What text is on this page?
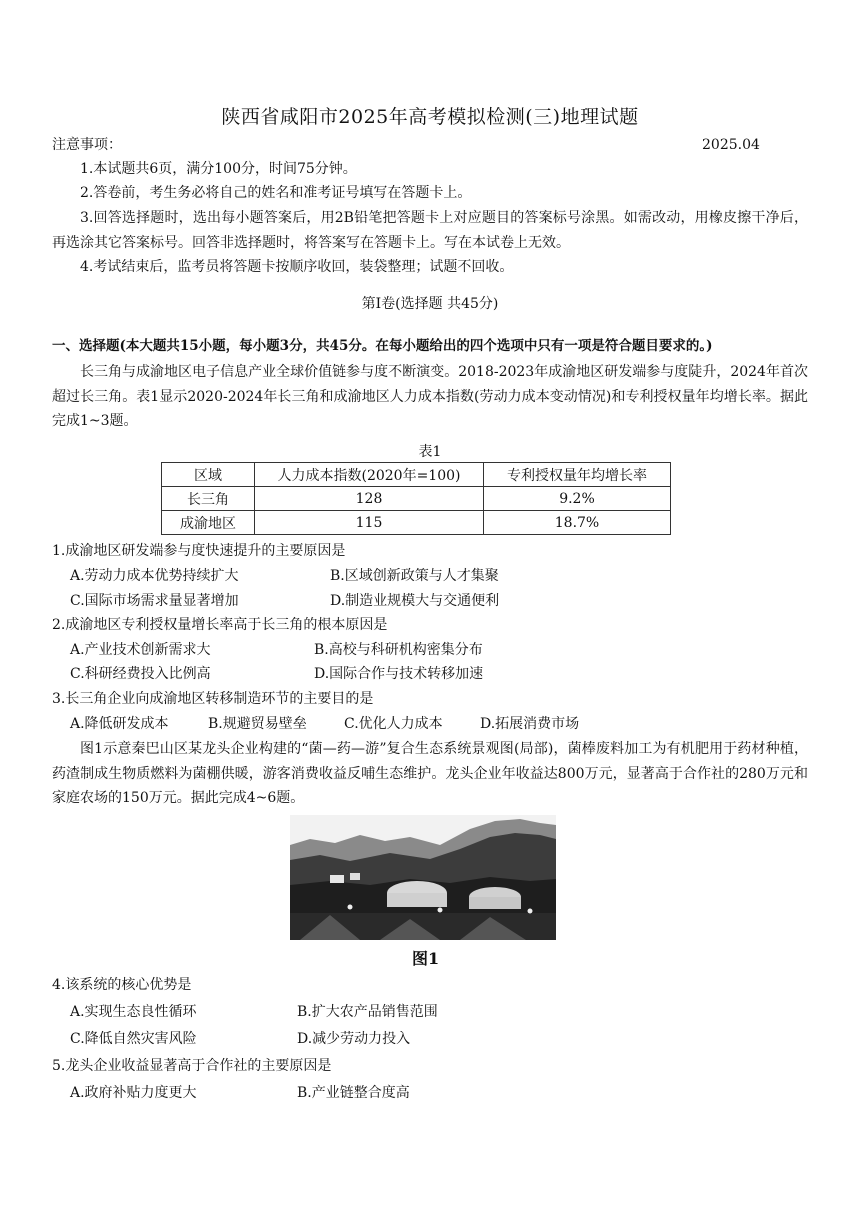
陕西省咸阳市2025年高考模拟检测(三)地理试题
注意事项：	2025.04
1.本试题共6页，满分100分，时间75分钟。
2.答卷前，考生务必将自己的姓名和准考证号填写在答题卡上。
3.回答选择题时，选出每小题答案后，用2B铅笔把答题卡上对应题目的答案标号涂黑。如需改动，用橡皮擦干净后，再选涂其它答案标号。回答非选择题时，将答案写在答题卡上。写在本试卷上无效。
4.考试结束后，监考员将答题卡按顺序收回，装袋整理；试题不回收。
第Ⅰ卷(选择题 共45分)
一、选择题(本大题共15小题，每小题3分，共45分。在每小题给出的四个选项中只有一项是符合题目要求的。)
长三角与成渝地区电子信息产业全球价值链参与度不断演变。2018-2023年成渝地区研发端参与度陡升，2024年首次超过长三角。表1显示2020-2024年长三角和成渝地区人力成本指数(劳动力成本变动情况)和专利授权量年均增长率。据此完成1~3题。
表1
区域	人力成本指数(2020年=100)	专利授权量年均增长率
长三角	128	9.2%
成渝地区	115	18.7%
1.成渝地区研发端参与度快速提升的主要原因是
A.劳动力成本优势持续扩大	B.区域创新政策与人才集聚
C.国际市场需求量显著增加	D.制造业规模大与交通便利
2.成渝地区专利授权量增长率高于长三角的根本原因是
A.产业技术创新需求大	B.高校与科研机构密集分布
C.科研经费投入比例高	D.国际合作与技术转移加速
3.长三角企业向成渝地区转移制造环节的主要目的是
A.降低研发成本	B.规避贸易壁垒	C.优化人力成本	D.拓展消费市场
图1示意秦巴山区某龙头企业构建的“菌—药—游”复合生态系统景观图(局部)，菌棒废料加工为有机肥用于药材种植，药渣制成生物质燃料为菌棚供暖，游客消费收益反哺生态维护。龙头企业年收益达800万元，显著高于合作社的280万元和家庭农场的150万元。据此完成4~6题。
图1
4.该系统的核心优势是
A.实现生态良性循环	B.扩大农产品销售范围
C.降低自然灾害风险	D.减少劳动力投入
5.龙头企业收益显著高于合作社的主要原因是
A.政府补贴力度更大	B.产业链整合度高
